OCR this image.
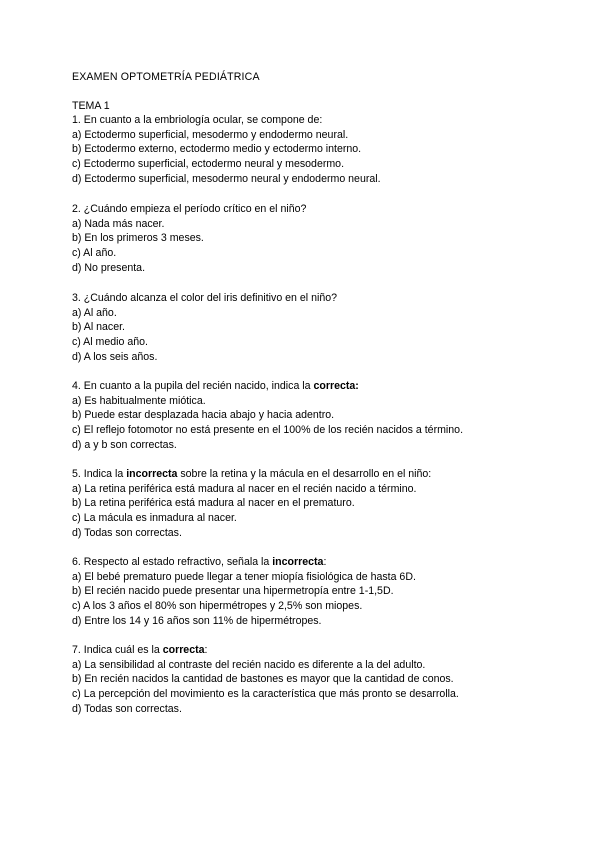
EXAMEN OPTOMETRÍA PEDIÁTRICA
TEMA 1
1. En cuanto a la embriología ocular, se compone de:
a) Ectodermo superficial, mesodermo y endodermo neural.
b) Ectodermo externo, ectodermo medio y ectodermo interno.
c) Ectodermo superficial, ectodermo neural y mesodermo.
d) Ectodermo superficial, mesodermo neural y endodermo neural.
2. ¿Cuándo empieza el período crítico en el niño?
a) Nada más nacer.
b) En los primeros 3 meses.
c) Al año.
d) No presenta.
3. ¿Cuándo alcanza el color del iris definitivo en el niño?
a) Al año.
b) Al nacer.
c) Al medio año.
d) A los seis años.
4. En cuanto a la pupila del recién nacido, indica la correcta:
a) Es habitualmente miótica.
b) Puede estar desplazada hacia abajo y hacia adentro.
c) El reflejo fotomotor no está presente en el 100% de los recién nacidos a término.
d) a y b son correctas.
5. Indica la incorrecta sobre la retina y la mácula en el desarrollo en el niño:
a) La retina periférica está madura al nacer en el recién nacido a término.
b) La retina periférica está madura al nacer en el prematuro.
c) La mácula es inmadura al nacer.
d) Todas son correctas.
6. Respecto al estado refractivo, señala la incorrecta:
a) El bebé prematuro puede llegar a tener miopía fisiológica de hasta 6D.
b) El recién nacido puede presentar una hipermetropía entre 1-1,5D.
c) A los 3 años el 80% son hipermétropes y 2,5% son miopes.
d) Entre los 14 y 16 años son 11% de hipermétropes.
7. Indica cuál es la correcta:
a) La sensibilidad al contraste del recién nacido es diferente a la del adulto.
b) En recién nacidos la cantidad de bastones es mayor que la cantidad de conos.
c) La percepción del movimiento es la característica que más pronto se desarrolla.
d) Todas son correctas.
